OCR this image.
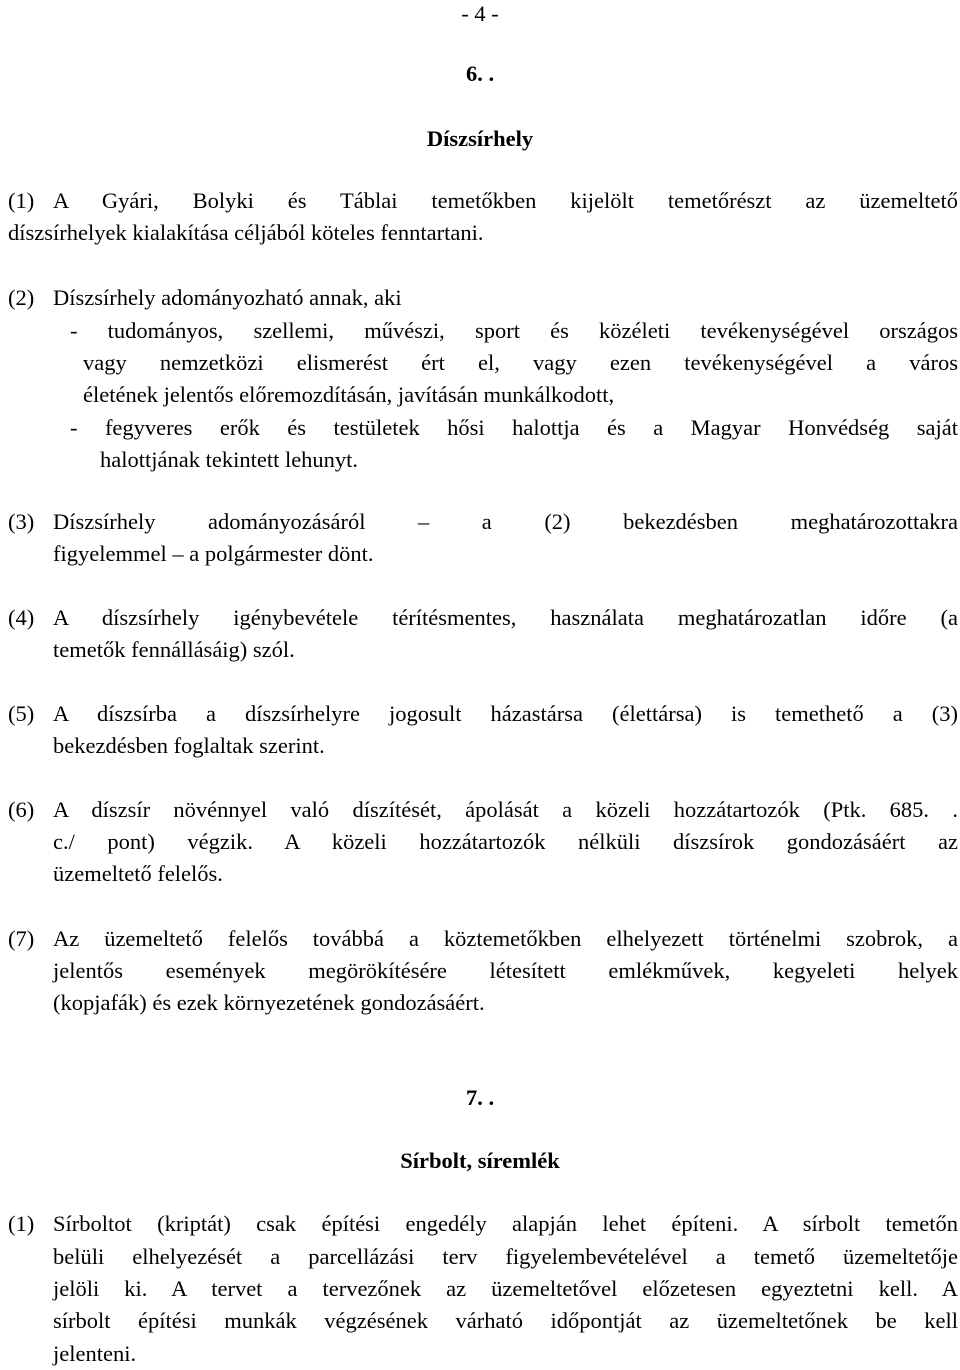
- 4 -
6. .
Díszsírhely
(1) A Gyári, Bolyki és Táblai temetőkben kijelölt temetőrészt az üzemeltető
díszsírhelyek kialakítása céljából köteles fenntartani.
(2) Díszsírhely adományozható annak, aki
- tudományos, szellemi, művészi, sport és közéleti tevékenységével országos
vagy nemzetközi elismerést ért el, vagy ezen tevékenységével a város
életének jelentős előremozdításán, javításán munkálkodott,
- fegyveres erők és testületek hősi halottja és a Magyar Honvédség saját
halottjának tekintett lehunyt.
(3) Díszsírhely adományozásáról – a (2) bekezdésben meghatározottakra
figyelemmel – a polgármester dönt.
(4) A díszsírhely igénybevétele térítésmentes, használata meghatározatlan időre (a
temetők fennállásáig) szól.
(5) A díszsírba a díszsírhelyre jogosult házastársa (élettársa) is temethető a (3)
bekezdésben foglaltak szerint.
(6) A díszsír növénnyel való díszítését, ápolását a közeli hozzátartozók (Ptk. 685. .
c./ pont) végzik. A közeli hozzátartozók nélküli díszsírok gondozásáért az
üzemeltető felelős.
(7) Az üzemeltető felelős továbbá a köztemetőkben elhelyezett történelmi szobrok, a
jelentős események megörökítésére létesített emlékművek, kegyeleti helyek
(kopjafák) és ezek környezetének gondozásáért.
7. .
Sírbolt, síremlék
(1) Sírboltot (kriptát) csak építési engedély alapján lehet építeni. A sírbolt temetőn
belüli elhelyezését a parcellázási terv figyelembevételével a temető üzemeltetője
jelöli ki. A tervet a tervezőnek az üzemeltetővel előzetesen egyeztetni kell. A
sírbolt építési munkák végzésének várható időpontját az üzemeltetőnek be kell
jelenteni.
